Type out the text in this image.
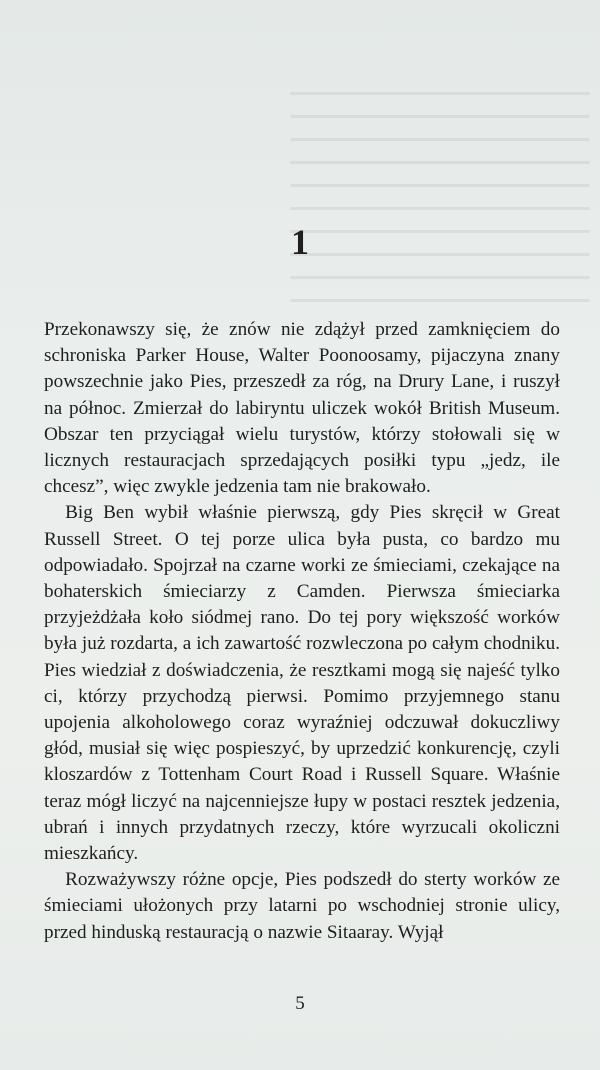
1

Przekonawszy się, że znów nie zdążył przed zamknięciem do schroniska Parker House, Walter Poonoosamy, pijaczyna znany powszechnie jako Pies, przeszedł za róg, na Drury Lane, i ruszył na północ. Zmierzał do labiryntu uliczek wokół British Museum. Obszar ten przyciągał wielu turystów, którzy stołowali się w licznych restauracjach sprzedających posiłki typu „jedz, ile chcesz”, więc zwykle jedzenia tam nie brakowało.

Big Ben wybił właśnie pierwszą, gdy Pies skręcił w Great Russell Street. O tej porze ulica była pusta, co bardzo mu odpowiadało. Spojrzał na czarne worki ze śmieciami, czekające na bohaterskich śmieciarzy z Camden. Pierwsza śmieciarka przyjeżdżała koło siódmej rano. Do tej pory większość worków była już rozdarta, a ich zawartość rozwleczona po całym chodniku. Pies wiedział z doświadczenia, że resztkami mogą się najeść tylko ci, którzy przychodzą pierwsi. Pomimo przyjemnego stanu upojenia alkoholowego coraz wyraźniej odczuwał dokuczliwy głód, musiał się więc pospieszyć, by uprzedzić konkurencję, czyli kloszardów z Tottenham Court Road i Russell Square. Właśnie teraz mógł liczyć na najcenniejsze łupy w postaci resztek jedzenia, ubrań i innych przydatnych rzeczy, które wyrzucali okoliczni mieszkańcy.

Rozważywszy różne opcje, Pies podszedł do sterty worków ze śmieciami ułożonych przy latarni po wschodniej stronie ulicy, przed hinduską restauracją o nazwie Sitaaray. Wyjął

5
